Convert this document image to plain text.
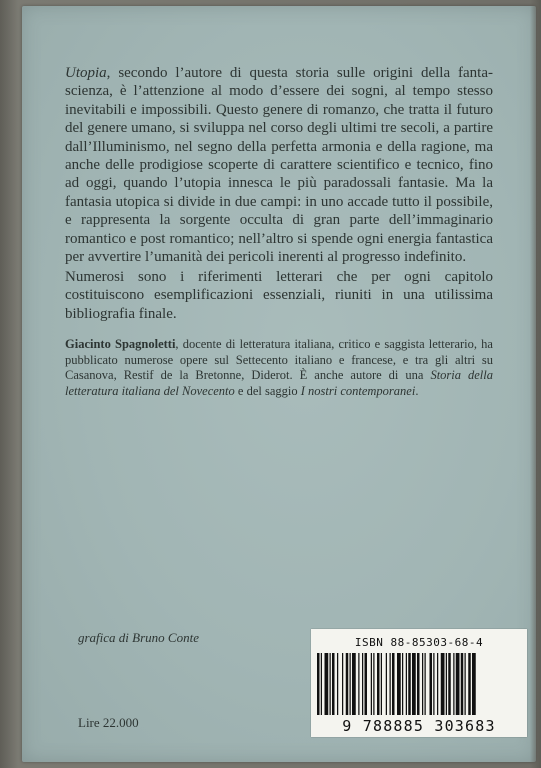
Utopia, secondo l’autore di questa storia sulle origini della fanta-scienza, è l’attenzione al modo d’essere dei sogni, al tempo stesso inevitabili e impossibili. Questo genere di romanzo, che tratta il futuro del genere umano, si sviluppa nel corso degli ultimi tre secoli, a partire dall’Illuminismo, nel segno della perfetta armonia e della ragione, ma anche delle prodigiose scoperte di carattere scientifico e tecnico, fino ad oggi, quando l’utopia innesca le più paradossali fantasie. Ma la fantasia utopica si divide in due campi: in uno accade tutto il possibile, e rappresenta la sorgente occulta di gran parte dell’immaginario romantico e post romantico; nell’altro si spende ogni energia fantastica per avvertire l’umanità dei pericoli inerenti al progresso indefinito.

Numerosi sono i riferimenti letterari che per ogni capitolo costituiscono esemplificazioni essenziali, riuniti in una utilissima bibliografia finale.

Giacinto Spagnoletti, docente di letteratura italiana, critico e saggista letterario, ha pubblicato numerose opere sul Settecento italiano e francese, e tra gli altri su Casanova, Restif de la Bretonne, Diderot. È anche autore di una Storia della letteratura italiana del Novecento e del saggio I nostri contemporanei.

grafica di Bruno Conte
Lire 22.000
ISBN 88-85303-68-4
9 788885 303683
